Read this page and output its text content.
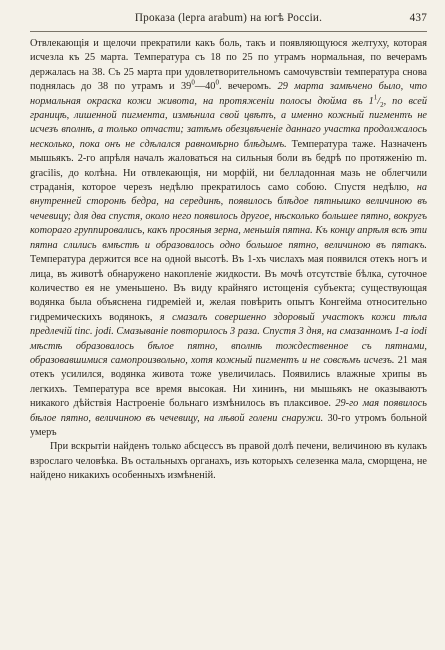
Проказа (lepra arabum) на югѣ Россіи.	437

Отвлекающія и щелочи прекратили какъ боль, такъ и появляющуюся желтуху, которая исчезла къ 25 марта. Температура съ 18 по 25 по утрамъ нормальная, по вечерамъ держалась на 38. Съ 25 марта при удовлетворительномъ самочувствіи температура снова поднялась до 38 по утрамъ и $39^0—40^0$. вечеромъ. 29 марта замѣчено было, что нормальная окраска кожи живота, на протяженіи полосы дюйма въ $1^1/_2$, по всей границѣ, лишенной пигмента, измѣнила свой цвѣтъ, а именно кожный пигментъ не исчезъ вполнѣ, а только отчасти; затѣмъ обезцвѣченіе даннаго участка продолжалось несколько, пока онъ не сдѣлался равномѣрно блѣдымъ. Температура таже. Назначенъ мышьякъ. 2-го апрѣля началъ жаловаться на сильныя боли въ бедрѣ по протяженію m. gracilis, до колѣна. Ни отвлекающія, ни морфій, ни белладонная мазь не облегчили страданія, которое черезъ недѣлю прекратилось само собою. Спустя недѣлю, на внутренней сторонѣ бедра, на серединѣ, появилось блѣдое пятнышко величиною въ чечевицу; для два спустя, около него появилось другое, нѣсколько большее пятно, вокругъ котораго группировались, какъ просяныя зерна, меньшія пятна. Къ концу апрѣля всѣ эти пятна слились вмѣстѣ и образовалось одно большое пятно, величиною въ пятакъ. Температура держится все на одной высотѣ. Въ 1-хъ числахъ мая появился отекъ ногъ и лица, въ животѣ обнаружено накопленіе жидкости. Въ мочѣ отсутствіе бѣлка, суточное количество ея не уменьшено. Въ виду крайняго истощенія субъекта; существующая водянка была объяснена гидреміей и, желая повѣрить опытъ Конгейма относительно гидремическихъ водянокъ, я смазалъ совершенно здоровый участокъ кожи тѣла предлечій tinc. jodi. Смазываніе повторилось 3 раза. Спустя 3 дня, на смазанномъ 1-а iodi мѣстѣ образовалось бѣлое пятно, вполнѣ тождественное съ пятнами, образовавшимися самопроизвольно, хотя кожный пигментъ и не совсѣмъ исчезъ. 21 мая отекъ усилился, водянка живота тоже увеличилась. Появились влажные хрипы въ легкихъ. Температура все время высокая. Ни хининъ, ни мышьякъ не оказываютъ никакого дѣйствія Настроеніе больнаго измѣнилось въ плаксивое. 29-го мая появилось бѣлое пятно, величиною въ чечевицу, на лѣвой голени снаружи. 30-го утромъ больной умеръ

При вскрытіи найденъ только абсцессъ въ правой долѣ печени, величиною въ кулакъ взрослаго человѣка. Въ остальныхъ органахъ, изъ которыхъ селезенка мала, сморщена, не найдено никакихъ особенныхъ измѣненій.
